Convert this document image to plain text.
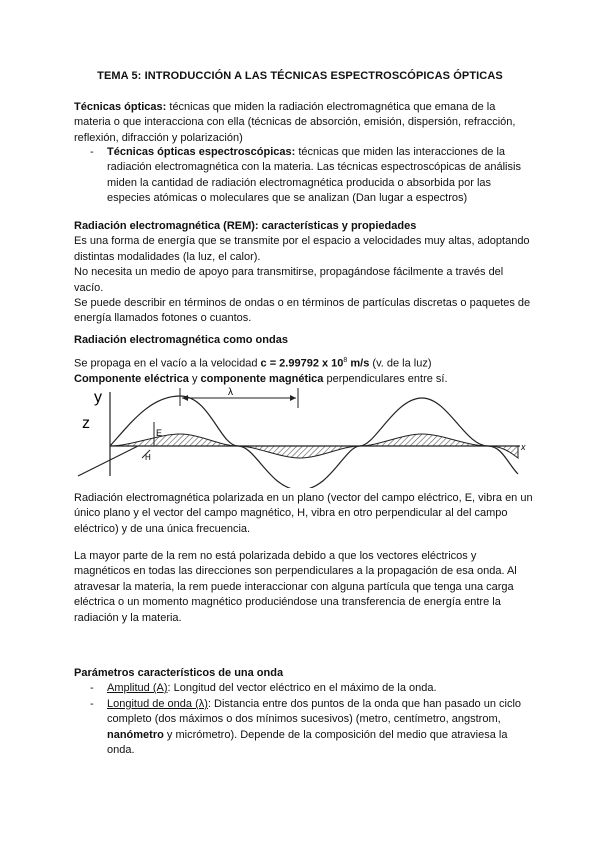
TEMA 5: INTRODUCCIÓN A LAS TÉCNICAS ESPECTROSCÓPICAS ÓPTICAS
Técnicas ópticas: técnicas que miden la radiación electromagnética que emana de la materia o que interacciona con ella (técnicas de absorción, emisión, dispersión, refracción, reflexión, difracción y polarización)
- Técnicas ópticas espectroscópicas: técnicas que miden las interacciones de la radiación electromagnética con la materia. Las técnicas espectroscópicas de análisis miden la cantidad de radiación electromagnética producida o absorbida por las especies atómicas o moleculares que se analizan (Dan lugar a espectros)

Radiación electromagnética (REM): características y propiedades

Es una forma de energía que se transmite por el espacio a velocidades muy altas, adoptando distintas modalidades (la luz, el calor).

No necesita un medio de apoyo para transmitirse, propagándose fácilmente a través del vacío.

Se puede describir en términos de ondas o en términos de partículas discretas o paquetes de energía llamados fotones o cuantos.

Radiación electromagnética como ondas

Se propaga en el vacío a la velocidad c = 2.99792 x $10^8$ m/s (v. de la luz)

Componente eléctrica y componente magnética perpendiculares entre sí.

y
z
x
λ
E
H
Radiación electromagnética polarizada en un plano (vector del campo eléctrico, E, vibra en un único plano y el vector del campo magnético, H, vibra en otro perpendicular al del campo eléctrico) y de una única frecuencia.
La mayor parte de la rem no está polarizada debido a que los vectores eléctricos y magnéticos en todas las direcciones son perpendiculares a la propagación de esa onda. Al atravesar la materia, la rem puede interaccionar con alguna partícula que tenga una carga eléctrica o un momento magnético produciéndose una transferencia de energía entre la radiación y la materia.

Parámetros característicos de una onda

- Amplitud (A): Longitud del vector eléctrico en el máximo de la onda.
- Longitud de onda (λ): Distancia entre dos puntos de la onda que han pasado un ciclo completo (dos máximos o dos mínimos sucesivos) (metro, centímetro, angstrom, nanómetro y micrómetro). Depende de la composición del medio que atraviesa la onda.
